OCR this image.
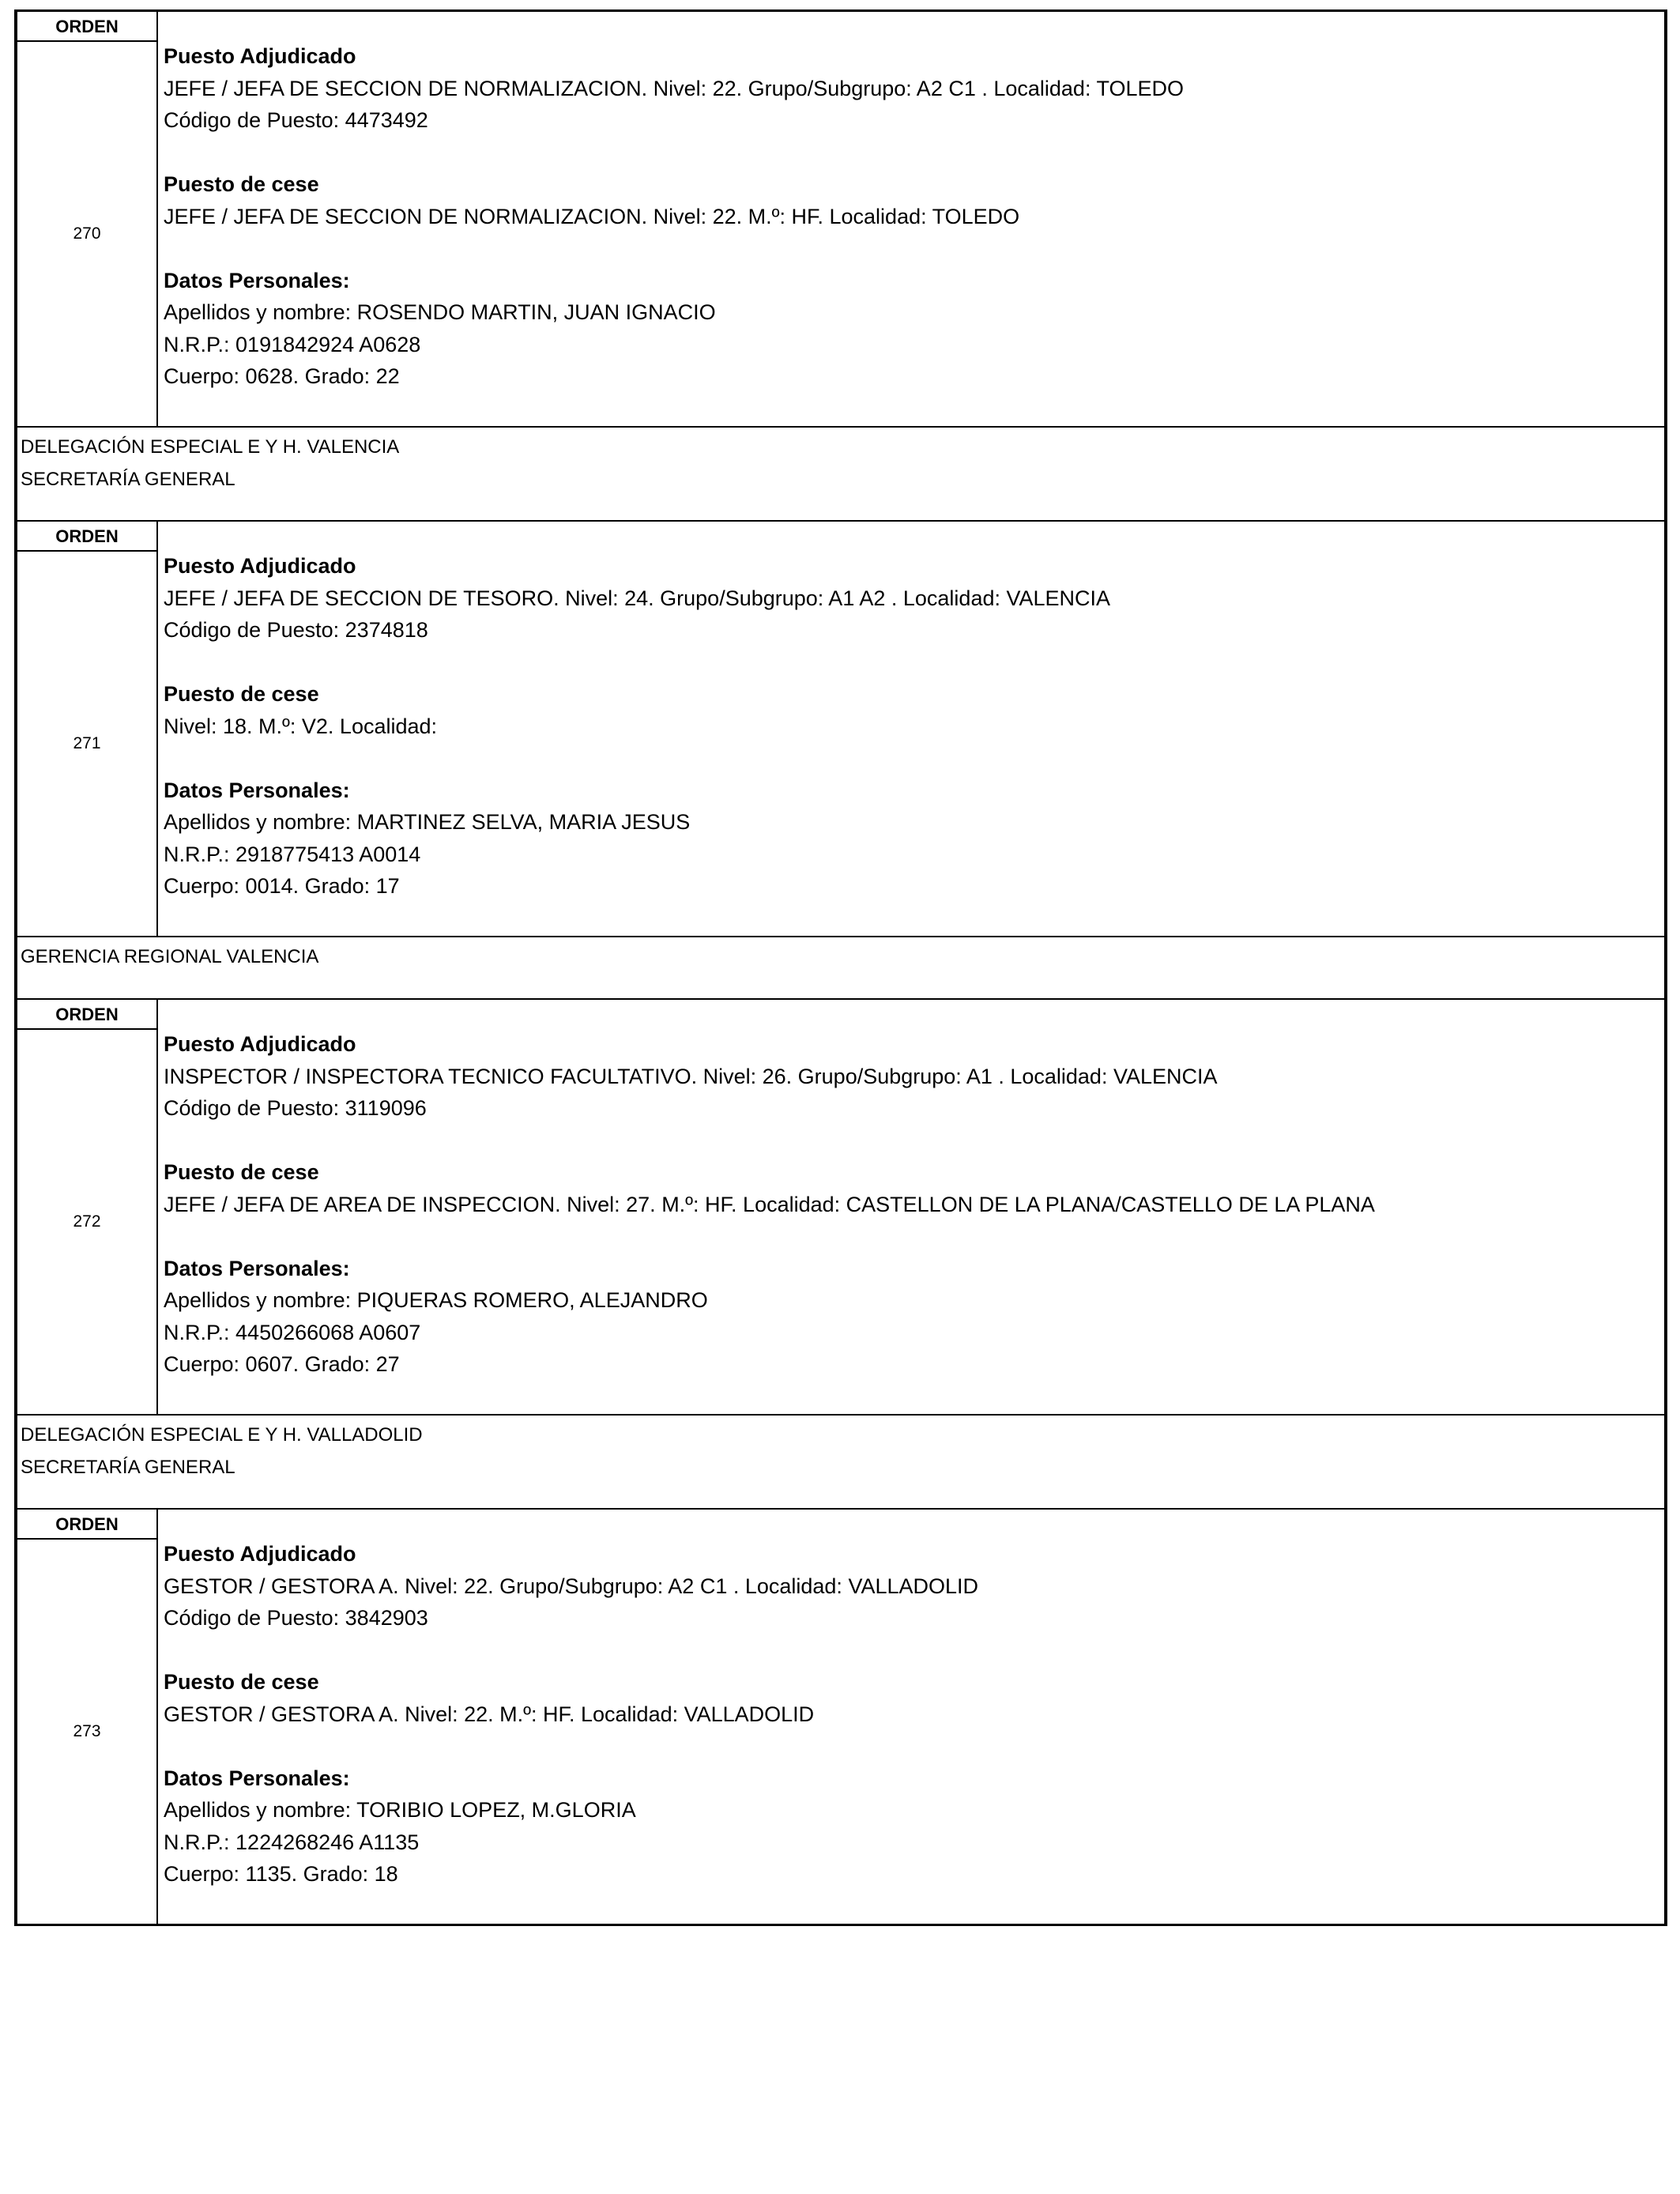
ORDEN
270
Puesto Adjudicado
JEFE / JEFA DE SECCION DE NORMALIZACION. Nivel: 22. Grupo/Subgrupo: A2 C1 . Localidad: TOLEDO
Código de Puesto: 4473492
Puesto de cese
JEFE / JEFA DE SECCION DE NORMALIZACION. Nivel: 22. M.º: HF. Localidad: TOLEDO
Datos Personales:
Apellidos y nombre: ROSENDO MARTIN, JUAN IGNACIO
N.R.P.: 0191842924 A0628
Cuerpo: 0628. Grado: 22
DELEGACIÓN ESPECIAL E Y H. VALENCIA
SECRETARÍA GENERAL
ORDEN
271
Puesto Adjudicado
JEFE / JEFA DE SECCION DE TESORO. Nivel: 24. Grupo/Subgrupo: A1 A2 . Localidad: VALENCIA
Código de Puesto: 2374818
Puesto de cese
Nivel: 18. M.º: V2. Localidad:
Datos Personales:
Apellidos y nombre: MARTINEZ SELVA, MARIA JESUS
N.R.P.: 2918775413 A0014
Cuerpo: 0014. Grado: 17
GERENCIA REGIONAL VALENCIA
ORDEN
272
Puesto Adjudicado
INSPECTOR / INSPECTORA TECNICO FACULTATIVO. Nivel: 26. Grupo/Subgrupo: A1 . Localidad: VALENCIA
Código de Puesto: 3119096
Puesto de cese
JEFE / JEFA DE AREA DE INSPECCION. Nivel: 27. M.º: HF. Localidad: CASTELLON DE LA PLANA/CASTELLO DE LA PLANA
Datos Personales:
Apellidos y nombre: PIQUERAS ROMERO, ALEJANDRO
N.R.P.: 4450266068 A0607
Cuerpo: 0607. Grado: 27
DELEGACIÓN ESPECIAL E Y H. VALLADOLID
SECRETARÍA GENERAL
ORDEN
273
Puesto Adjudicado
GESTOR / GESTORA A. Nivel: 22. Grupo/Subgrupo: A2 C1 . Localidad: VALLADOLID
Código de Puesto: 3842903
Puesto de cese
GESTOR / GESTORA A. Nivel: 22. M.º: HF. Localidad: VALLADOLID
Datos Personales:
Apellidos y nombre: TORIBIO LOPEZ, M.GLORIA
N.R.P.: 1224268246 A1135
Cuerpo: 1135. Grado: 18
